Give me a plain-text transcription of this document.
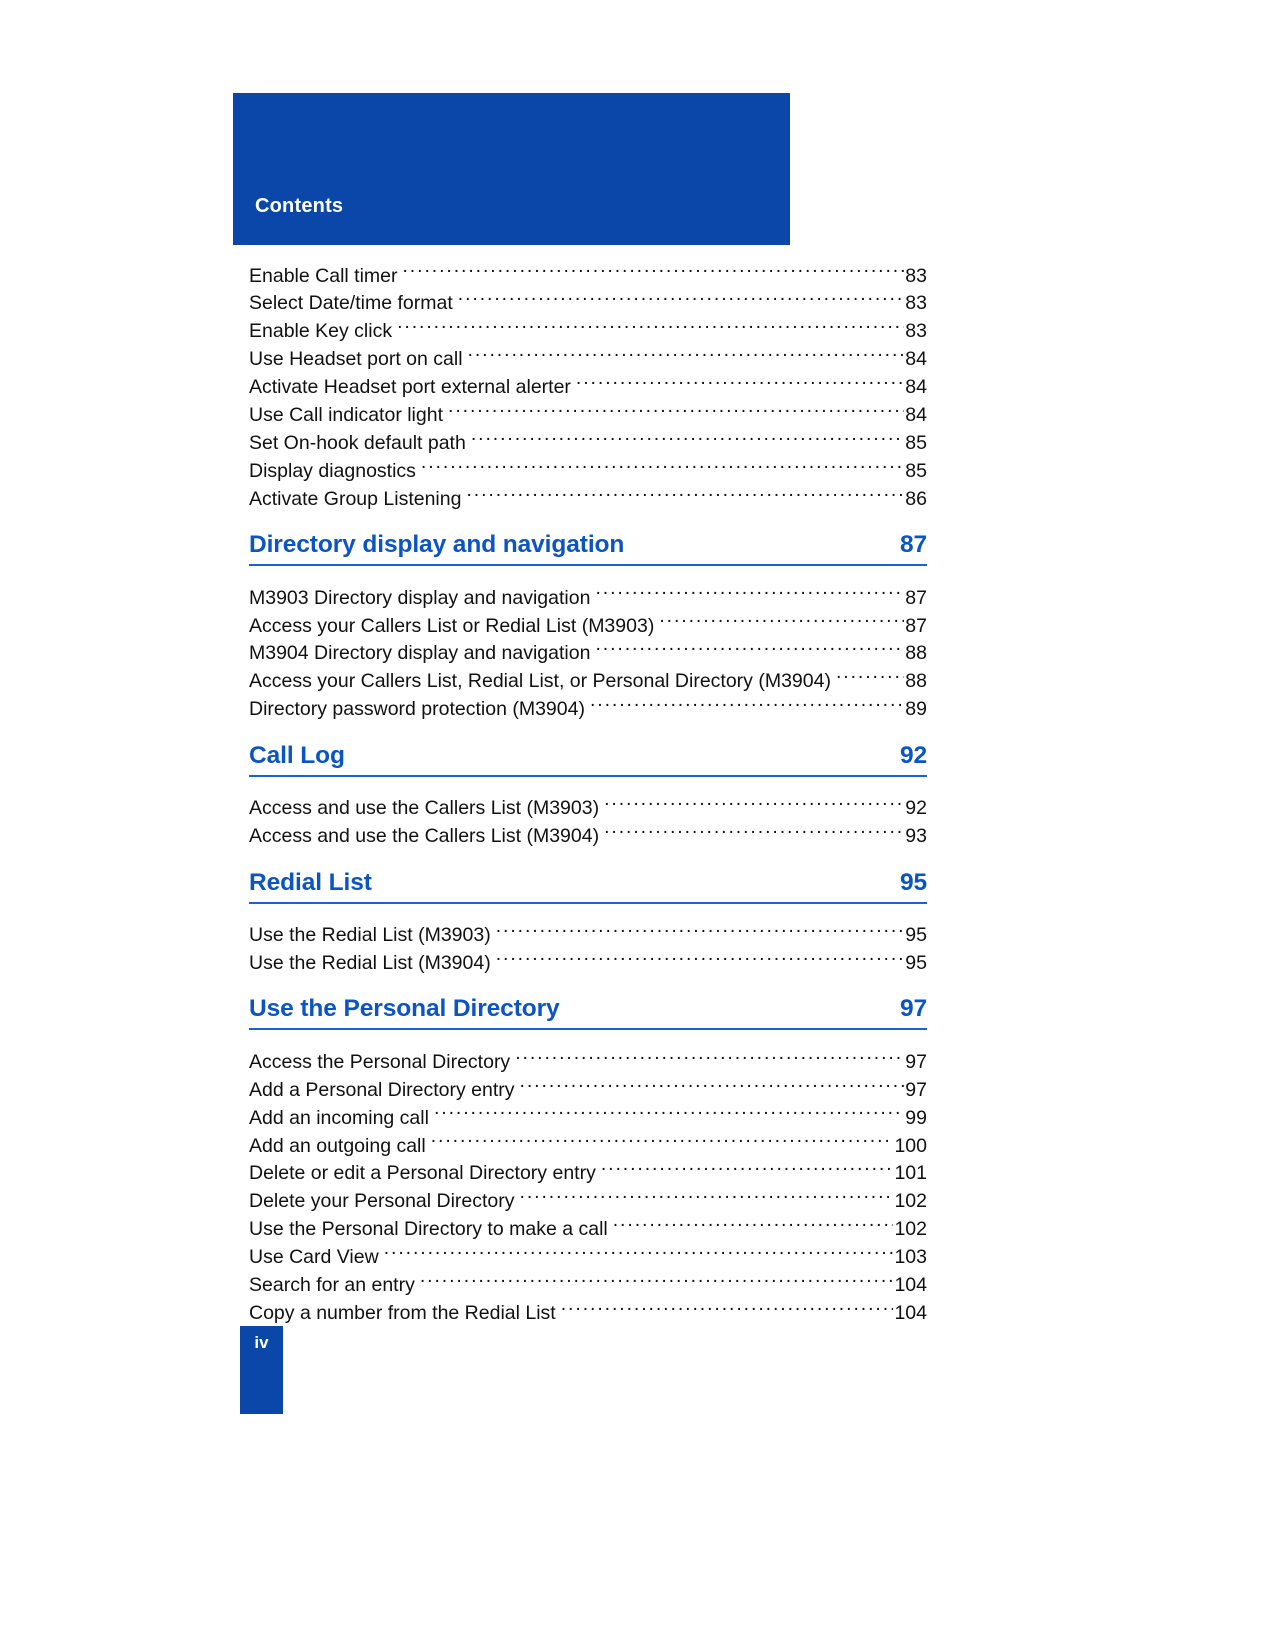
Contents
Enable Call timer .....	83
Select Date/time format .....	83
Enable Key click .....	83
Use Headset port on call .....	84
Activate Headset port external alerter .....	84
Use Call indicator light .....	84
Set On-hook default path .....	85
Display diagnostics .....	85
Activate Group Listening .....	86
Directory display and navigation	87
M3903 Directory display and navigation .....	87
Access your Callers List or Redial List (M3903) .....	87
M3904 Directory display and navigation .....	88
Access your Callers List, Redial List, or Personal Directory (M3904) .....	88
Directory password protection (M3904) .....	89
Call Log	92
Access and use the Callers List (M3903) .....	92
Access and use the Callers List (M3904) .....	93
Redial List	95
Use the Redial List (M3903) .....	95
Use the Redial List (M3904) .....	95
Use the Personal Directory	97
Access the Personal Directory .....	97
Add a Personal Directory entry .....	97
Add an incoming call .....	99
Add an outgoing call .....	100
Delete or edit a Personal Directory entry .....	101
Delete your Personal Directory .....	102
Use the Personal Directory to make a call .....	102
Use Card View .....	103
Search for an entry .....	104
Copy a number from the Redial List .....	104
iv
